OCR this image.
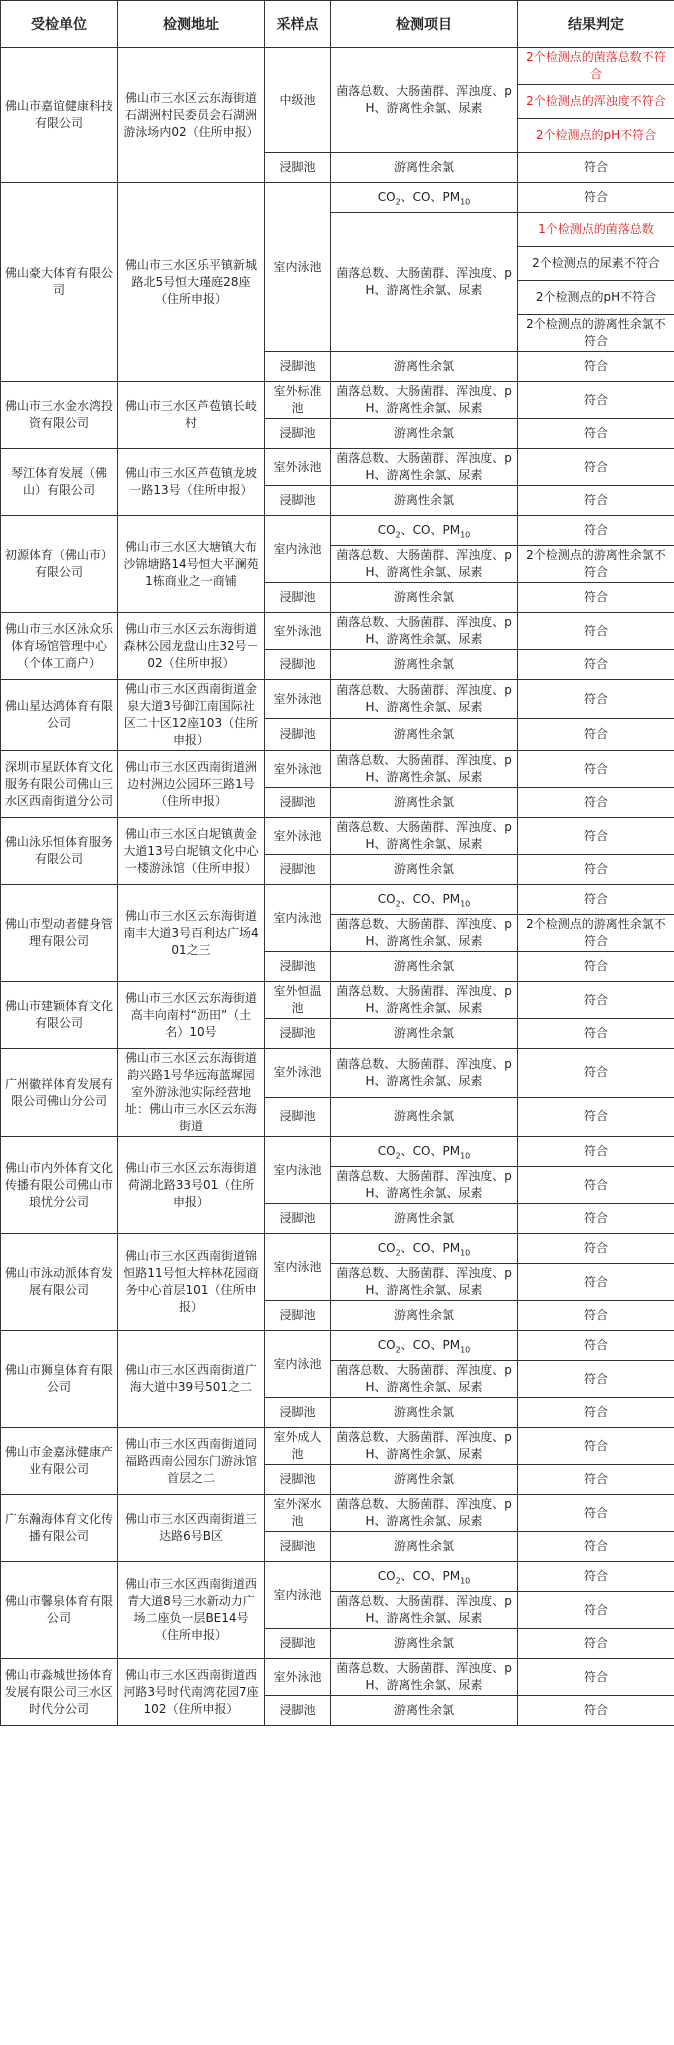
受检单位	检测地址	采样点	检测项目	结果判定
佛山市嘉谊健康科技有限公司	佛山市三水区云东海街道石湖洲村民委员会石湖洲游泳场内02（住所申报）	中级池	菌落总数、大肠菌群、浑浊度、pH、游离性余氯、尿素	2个检测点的菌落总数不符合
				2个检测点的浑浊度不符合
				2个检测点的pH不符合
		浸脚池	游离性余氯	符合
佛山豪大体育有限公司	佛山市三水区乐平镇新城路北5号恒大瑾庭28座（住所申报）	室内泳池	$CO_2$、CO、$PM_{10}$	符合
			菌落总数、大肠菌群、浑浊度、pH、游离性余氯、尿素	1个检测点的菌落总数
				2个检测点的尿素不符合
				2个检测点的pH不符合
				2个检测点的游离性余氯不符合
		浸脚池	游离性余氯	符合
佛山市三水金水湾投资有限公司	佛山市三水区芦苞镇长岐村	室外标准池	菌落总数、大肠菌群、浑浊度、pH、游离性余氯、尿素	符合
		浸脚池	游离性余氯	符合
琴江体育发展（佛山）有限公司	佛山市三水区芦苞镇龙坡一路13号（住所申报）	室外泳池	菌落总数、大肠菌群、浑浊度、pH、游离性余氯、尿素	符合
		浸脚池	游离性余氯	符合
初源体育（佛山市）有限公司	佛山市三水区大塘镇大布沙锦塘路14号恒大平澜苑1栋商业之一商铺	室内泳池	$CO_2$、CO、$PM_{10}$	符合
			菌落总数、大肠菌群、浑浊度、pH、游离性余氯、尿素	2个检测点的游离性余氯不符合
		浸脚池	游离性余氯	符合
佛山市三水区泳众乐体育场馆管理中心（个体工商户）	佛山市三水区云东海街道森林公园龙盘山庄32号－02（住所申报）	室外泳池	菌落总数、大肠菌群、浑浊度、pH、游离性余氯、尿素	符合
		浸脚池	游离性余氯	符合
佛山星达鸿体育有限公司	佛山市三水区西南街道金泉大道3号御江南国际社区二十区12座103（住所申报）	室外泳池	菌落总数、大肠菌群、浑浊度、pH、游离性余氯、尿素	符合
		浸脚池	游离性余氯	符合
深圳市星跃体育文化服务有限公司佛山三水区西南街道分公司	佛山市三水区西南街道洲边村洲边公园环三路1号（住所申报）	室外泳池	菌落总数、大肠菌群、浑浊度、pH、游离性余氯、尿素	符合
		浸脚池	游离性余氯	符合
佛山泳乐恒体育服务有限公司	佛山市三水区白坭镇黄金大道13号白坭镇文化中心一楼游泳馆（住所申报）	室外泳池	菌落总数、大肠菌群、浑浊度、pH、游离性余氯、尿素	符合
		浸脚池	游离性余氯	符合
佛山市型动者健身管理有限公司	佛山市三水区云东海街道南丰大道3号百利达广场401之三	室内泳池	$CO_2$、CO、$PM_{10}$	符合
			菌落总数、大肠菌群、浑浊度、pH、游离性余氯、尿素	2个检测点的游离性余氯不符合
		浸脚池	游离性余氯	符合
佛山市建颖体育文化有限公司	佛山市三水区云东海街道高丰向南村“沥田”（土名）10号	室外恒温池	菌落总数、大肠菌群、浑浊度、pH、游离性余氯、尿素	符合
		浸脚池	游离性余氯	符合
广州徽祥体育发展有限公司佛山分公司	佛山市三水区云东海街道韵兴路1号华远海蓝墀园室外游泳池实际经营地址：佛山市三水区云东海街道	室外泳池	菌落总数、大肠菌群、浑浊度、pH、游离性余氯、尿素	符合
		浸脚池	游离性余氯	符合
佛山市内外体育文化传播有限公司佛山市琅忧分公司	佛山市三水区云东海街道荷湖北路33号01（住所申报）	室内泳池	$CO_2$、CO、$PM_{10}$	符合
			菌落总数、大肠菌群、浑浊度、pH、游离性余氯、尿素	符合
		浸脚池	游离性余氯	符合
佛山市泳动派体育发展有限公司	佛山市三水区西南街道锦恒路11号恒大梓林花园商务中心首层101（住所申报）	室内泳池	$CO_2$、CO、$PM_{10}$	符合
			菌落总数、大肠菌群、浑浊度、pH、游离性余氯、尿素	符合
		浸脚池	游离性余氯	符合
佛山市狮皇体育有限公司	佛山市三水区西南街道广海大道中39号501之二	室内泳池	$CO_2$、CO、$PM_{10}$	符合
			菌落总数、大肠菌群、浑浊度、pH、游离性余氯、尿素	符合
		浸脚池	游离性余氯	符合
佛山市金嘉泳健康产业有限公司	佛山市三水区西南街道同福路西南公园东门游泳馆首层之二	室外成人池	菌落总数、大肠菌群、浑浊度、pH、游离性余氯、尿素	符合
		浸脚池	游离性余氯	符合
广东瀚海体育文化传播有限公司	佛山市三水区西南街道三达路6号B区	室外深水池	菌落总数、大肠菌群、浑浊度、pH、游离性余氯、尿素	符合
		浸脚池	游离性余氯	符合
佛山市馨泉体育有限公司	佛山市三水区西南街道西青大道8号三水新动力广场二座负一层BE14号（住所申报）	室内泳池	$CO_2$、CO、$PM_{10}$	符合
			菌落总数、大肠菌群、浑浊度、pH、游离性余氯、尿素	符合
		浸脚池	游离性余氯	符合
佛山市淼城世扬体育发展有限公司三水区时代分公司	佛山市三水区西南街道西河路3号时代南湾花园7座102（住所申报）	室外泳池	菌落总数、大肠菌群、浑浊度、pH、游离性余氯、尿素	符合
		浸脚池	游离性余氯	符合
